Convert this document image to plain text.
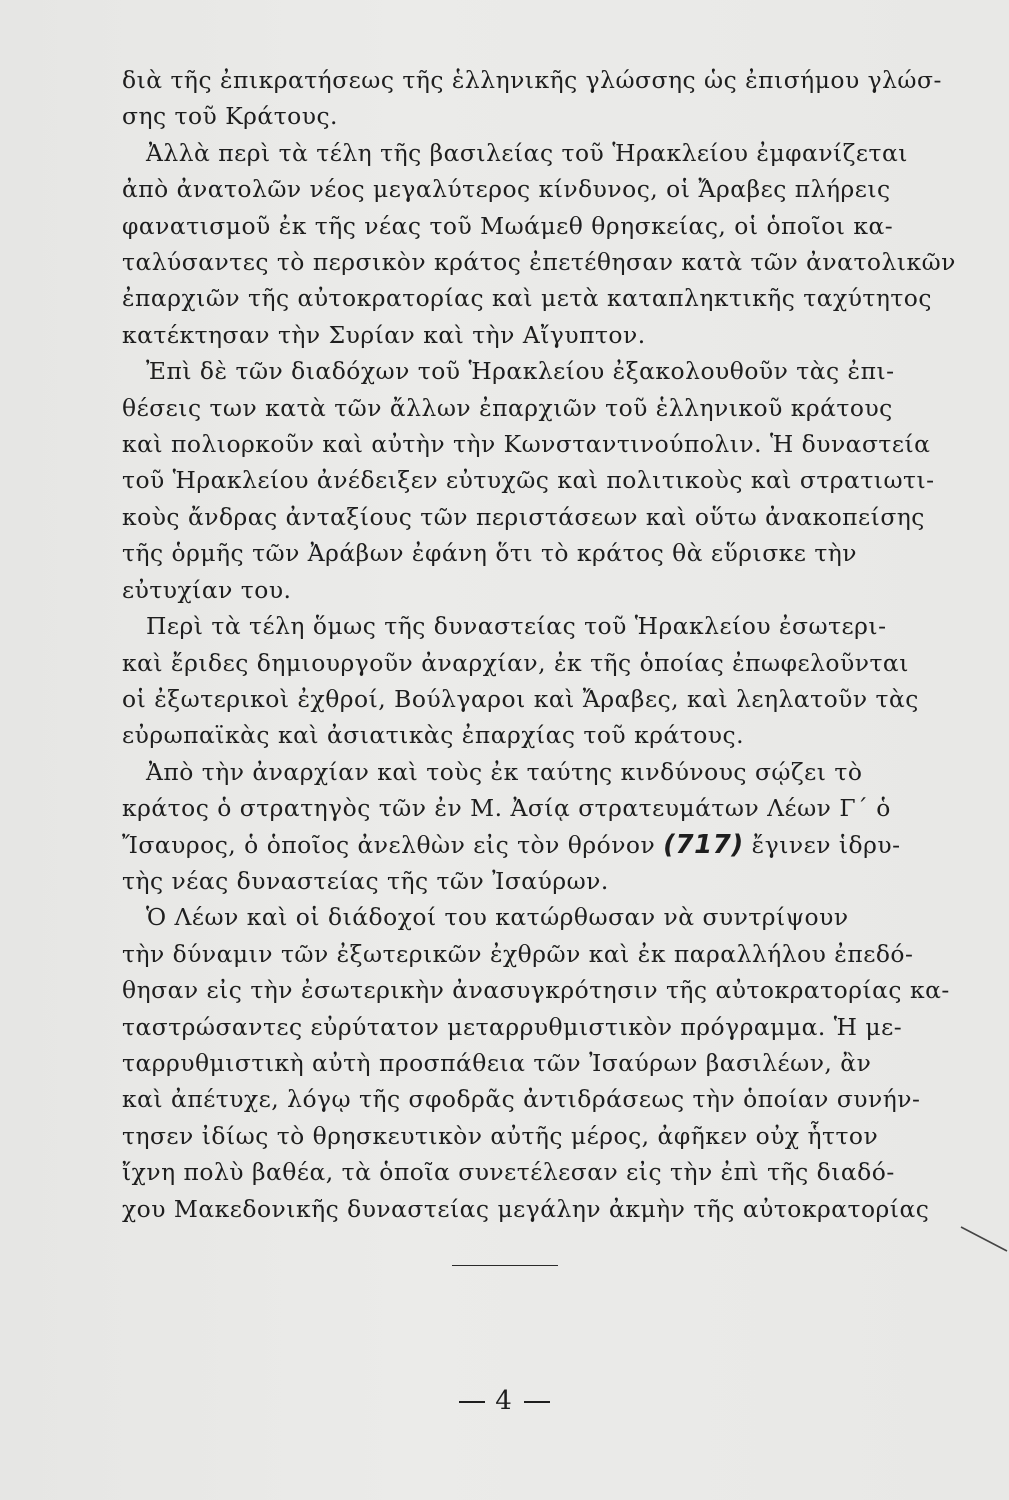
διὰ τῆς ἐπικρατήσεως τῆς ἑλληνικῆς γλώσσης ὡς ἐπισήμου γλώσ-
σης τοῦ Κράτους.

Ἀλλὰ περὶ τὰ τέλη τῆς βασιλείας τοῦ Ἡρακλείου ἐμφανίζεται
ἀπὸ ἀνατολῶν νέος μεγαλύτερος κίνδυνος, οἱ Ἄραβες πλήρεις
φανατισμοῦ ἐκ τῆς νέας τοῦ Μωάμεθ θρησκείας, οἱ ὁποῖοι κα-
ταλύσαντες τὸ περσικὸν κράτος ἐπετέθησαν κατὰ τῶν ἀνατολικῶν
ἐπαρχιῶν τῆς αὐτοκρατορίας καὶ μετὰ καταπληκτικῆς ταχύτητος
κατέκτησαν τὴν Συρίαν καὶ τὴν Αἴγυπτον.

Ἐπὶ δὲ τῶν διαδόχων τοῦ Ἡρακλείου ἐξακολουθοῦν τὰς ἐπι-
θέσεις των κατὰ τῶν ἄλλων ἐπαρχιῶν τοῦ ἑλληνικοῦ κράτους
καὶ πολιορκοῦν καὶ αὐτὴν τὴν Κωνσταντινούπολιν. Ἡ δυναστεία
τοῦ Ἡρακλείου ἀνέδειξεν εὐτυχῶς καὶ πολιτικοὺς καὶ στρατιωτι-
κοὺς ἄνδρας ἀνταξίους τῶν περιστάσεων καὶ οὕτω ἀνακοπείσης
τῆς ὁρμῆς τῶν Ἀράβων ἐφάνη ὅτι τὸ κράτος θὰ εὕρισκε τὴν
εὐτυχίαν του.

Περὶ τὰ τέλη ὅμως τῆς δυναστείας τοῦ Ἡρακλείου ἐσωτερι-
καὶ ἔριδες δημιουργοῦν ἀναρχίαν, ἐκ τῆς ὁποίας ἐπωφελοῦνται
οἱ ἐξωτερικοὶ ἐχθροί, Βούλγαροι καὶ Ἄραβες, καὶ λεηλατοῦν τὰς
εὐρωπαϊκὰς καὶ ἀσιατικὰς ἐπαρχίας τοῦ κράτους.

Ἀπὸ τὴν ἀναρχίαν καὶ τοὺς ἐκ ταύτης κινδύνους σῴζει τὸ
κράτος ὁ στρατηγὸς τῶν ἐν Μ. Ἀσίᾳ στρατευμάτων Λέων Γ´ ὁ
Ἴσαυρος, ὁ ὁποῖος ἀνελθὼν εἰς τὸν θρόνον (717) ἔγινεν ἱδρυ-
τὴς νέας δυναστείας τῆς τῶν Ἰσαύρων.

Ὁ Λέων καὶ οἱ διάδοχοί του κατώρθωσαν νὰ συντρίψουν
τὴν δύναμιν τῶν ἐξωτερικῶν ἐχθρῶν καὶ ἐκ παραλλήλου ἐπεδό-
θησαν εἰς τὴν ἐσωτερικὴν ἀνασυγκρότησιν τῆς αὐτοκρατορίας κα-
ταστρώσαντες εὐρύτατον μεταρρυθμιστικὸν πρόγραμμα. Ἡ με-
ταρρυθμιστικὴ αὐτὴ προσπάθεια τῶν Ἰσαύρων βασιλέων, ἂν
καὶ ἀπέτυχε, λόγῳ τῆς σφοδρᾶς ἀντιδράσεως τὴν ὁποίαν συνήν-
τησεν ἰδίως τὸ θρησκευτικὸν αὐτῆς μέρος, ἀφῆκεν οὐχ ἧττον
ἴχνη πολὺ βαθέα, τὰ ὁποῖα συνετέλεσαν εἰς τὴν ἐπὶ τῆς διαδό-
χου Μακεδονικῆς δυναστείας μεγάλην ἀκμὴν τῆς αὐτοκρατορίας

4
